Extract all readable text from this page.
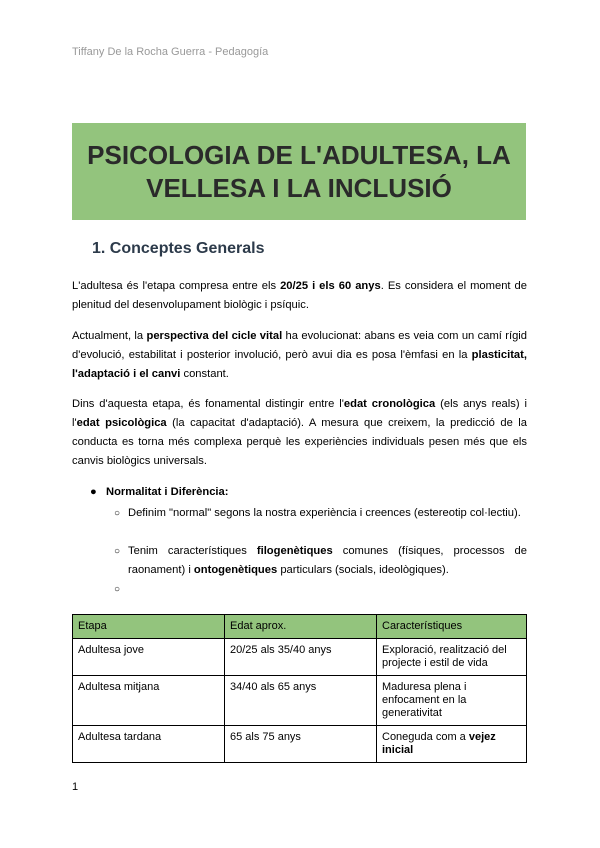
Tiffany De la Rocha Guerra - Pedagogía
PSICOLOGIA DE L'ADULTESA, LA
VELLESA I LA INCLUSIÓ
1. Conceptes Generals
L'adultesa és l'etapa compresa entre els 20/25 i els 60 anys. Es considera el moment de plenitud del desenvolupament biològic i psíquic.
Actualment, la perspectiva del cicle vital ha evolucionat: abans es veia com un camí rígid d'evolució, estabilitat i posterior involució, però avui dia es posa l'èmfasi en la plasticitat, l'adaptació i el canvi constant.
Dins d'aquesta etapa, és fonamental distingir entre l'edat cronològica (els anys reals) i l'edat psicològica (la capacitat d'adaptació). A mesura que creixem, la predicció de la conducta es torna més complexa perquè les experiències individuals pesen més que els canvis biològics universals.
● Normalitat i Diferència:
○ Definim "normal" segons la nostra experiència i creences (estereotip col·lectiu).
○ Tenim característiques filogenètiques comunes (físiques, processos de raonament) i ontogenètiques particulars (socials, ideològiques).
○
Etapa	Edat aprox.	Característiques
Adultesa jove	20/25 als 35/40 anys	Exploració, realització del projecte i estil de vida
Adultesa mitjana	34/40 als 65 anys	Maduresa plena i enfocament en la generativitat
Adultesa tardana	65 als 75 anys	Coneguda com a vejez inicial
1
